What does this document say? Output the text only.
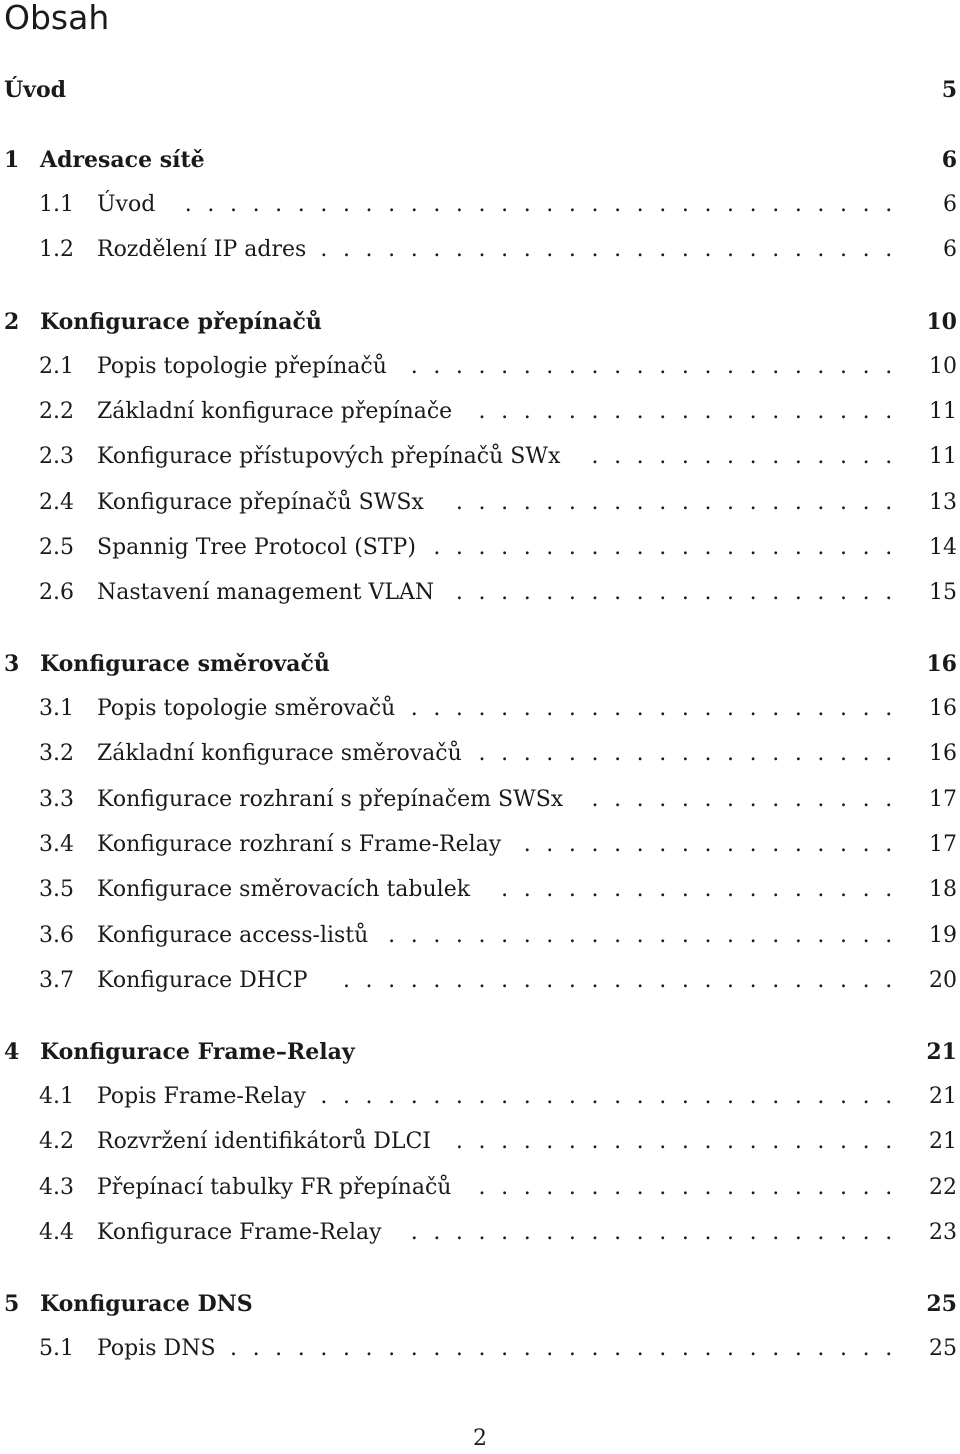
Obsah
Úvod	5
1 Adresace sítě	6
1.1 Úvod	. . . . . . . . . . . . . . . . . . . . . . . . . . . . . . . .	6
1.2 Rozdělení IP adres . . . . . . . . . . . . . . . . . . . . . . . . . .	6
2 Konfigurace přepínačů	10
2.1 Popis topologie přepínačů	. . . . . . . . . . . . . . . . . . . . . .	10
2.2 Základní konfigurace přepínače	. . . . . . . . . . . . . . . . . . .	11
2.3 Konfigurace přístupových přepínačů SWx	. . . . . . . . . . . . . .	11
2.4 Konfigurace přepínačů SWSx	. . . . . . . . . . . . . . . . . . . .	13
2.5 Spannig Tree Protocol (STP) . . . . . . . . . . . . . . . . . . . . .	14
2.6 Nastavení management VLAN . . . . . . . . . . . . . . . . . . . .	15
3 Konfigurace směrovačů	16
3.1 Popis topologie směrovačů . . . . . . . . . . . . . . . . . . . . . .	16
3.2 Základní konfigurace směrovačů . . . . . . . . . . . . . . . . . . .	16
3.3 Konfigurace rozhraní s přepínačem SWSx	. . . . . . . . . . . . . .	17
3.4 Konfigurace rozhraní s Frame-Relay	. . . . . . . . . . . . . . . . .	17
3.5 Konfigurace směrovacích tabulek	. . . . . . . . . . . . . . . . . .	18
3.6 Konfigurace access-listů . . . . . . . . . . . . . . . . . . . . . . .	19
3.7 Konfigurace DHCP	. . . . . . . . . . . . . . . . . . . . . . . . .	20
4 Konfigurace Frame–Relay	21
4.1 Popis Frame-Relay . . . . . . . . . . . . . . . . . . . . . . . . . .	21
4.2 Rozvržení identifikátorů DLCI	. . . . . . . . . . . . . . . . . . . .	21
4.3 Přepínací tabulky FR přepínačů	. . . . . . . . . . . . . . . . . . .	22
4.4 Konfigurace Frame-Relay	. . . . . . . . . . . . . . . . . . . . . .	23
5 Konfigurace DNS	25
5.1 Popis DNS . . . . . . . . . . . . . . . . . . . . . . . . . . . . . .	25
2
